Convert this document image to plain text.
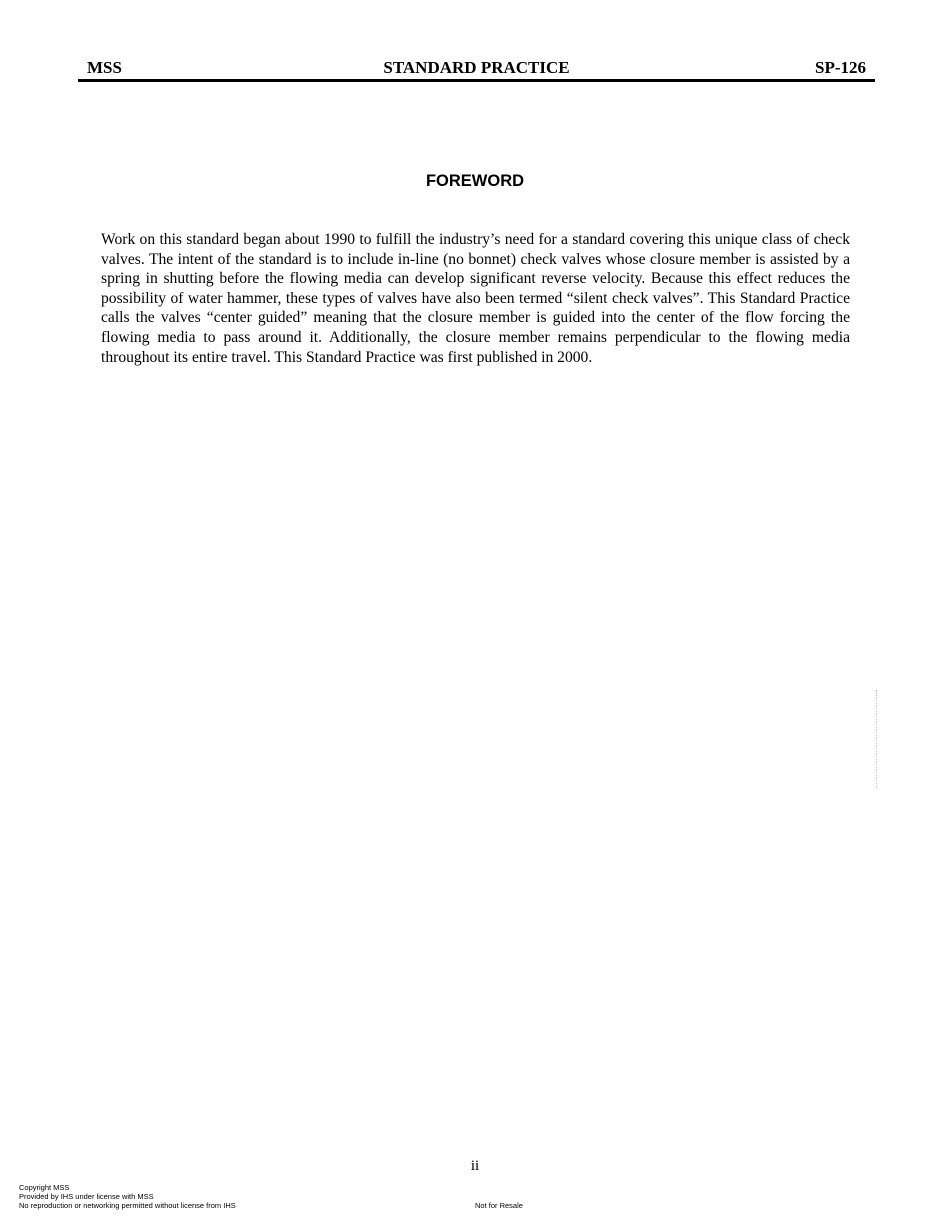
MSS	STANDARD PRACTICE	SP-126
FOREWORD

Work on this standard began about 1990 to fulfill the industry’s need for a standard covering this unique class of check valves. The intent of the standard is to include in-line (no bonnet) check valves whose closure member is assisted by a spring in shutting before the flowing media can develop significant reverse velocity. Because this effect reduces the possibility of water hammer, these types of valves have also been termed “silent check valves”. This Standard Practice calls the valves “center guided” meaning that the closure member is guided into the center of the flow forcing the flowing media to pass around it. Additionally, the closure member remains perpendicular to the flowing media throughout its entire travel. This Standard Practice was first published in 2000.

ii
Copyright MSS
Provided by IHS under license with MSS
No reproduction or networking permitted without license from IHS	Not for Resale
